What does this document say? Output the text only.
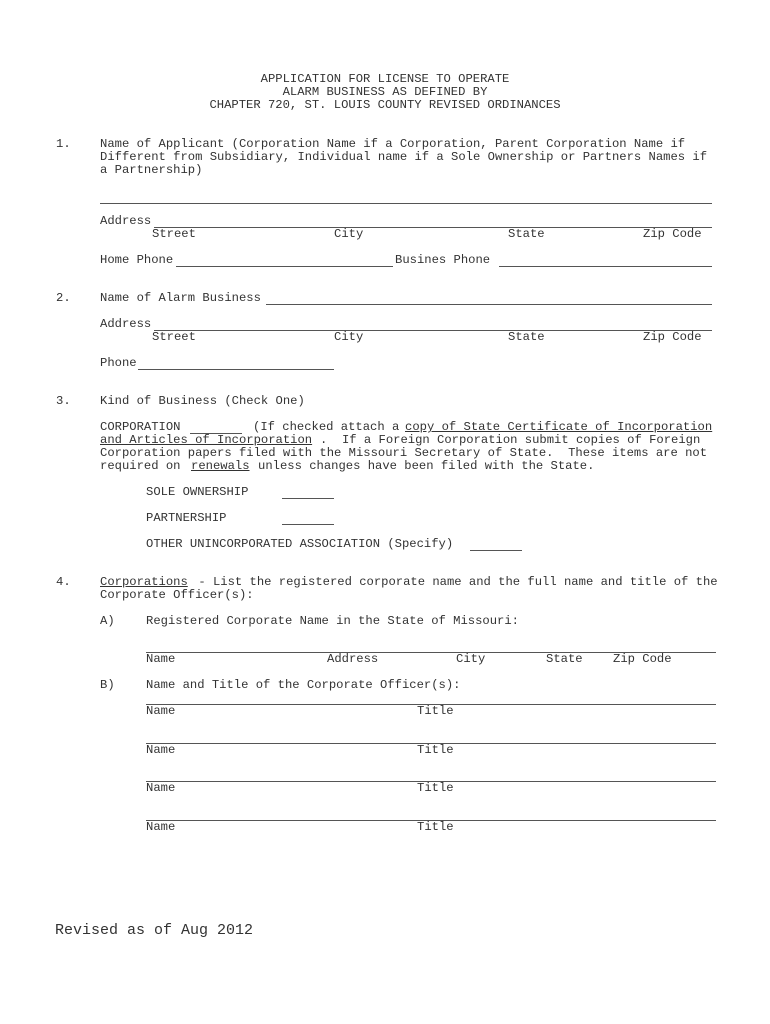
APPLICATION FOR LICENSE TO OPERATE
ALARM BUSINESS AS DEFINED BY
CHAPTER 720, ST. LOUIS COUNTY REVISED ORDINANCES
1. Name of Applicant (Corporation Name if a Corporation, Parent Corporation Name if
Different from Subsidiary, Individual name if a Sole Ownership or Partners Names if
a Partnership)
Address
Street	City	State	Zip Code
Home Phone	Busines Phone
2. Name of Alarm Business
Address
Street	City	State	Zip Code
Phone
3. Kind of Business (Check One)
CORPORATION	(If checked attach a copy of State Certificate of Incorporation
and Articles of Incorporation .  If a Foreign Corporation submit copies of Foreign
Corporation papers filed with the Missouri Secretary of State.  These items are not
required on renewals unless changes have been filed with the State.
SOLE OWNERSHIP
PARTNERSHIP
OTHER UNINCORPORATED ASSOCIATION (Specify)
4. Corporations - List the registered corporate name and the full name and title of the
Corporate Officer(s):
A)	Registered Corporate Name in the State of Missouri:
Name	Address	City	State Zip Code
B)	Name and Title of the Corporate Officer(s):
Name	Title
Name	Title
Name	Title
Name	Title
Revised as of Aug 2012
